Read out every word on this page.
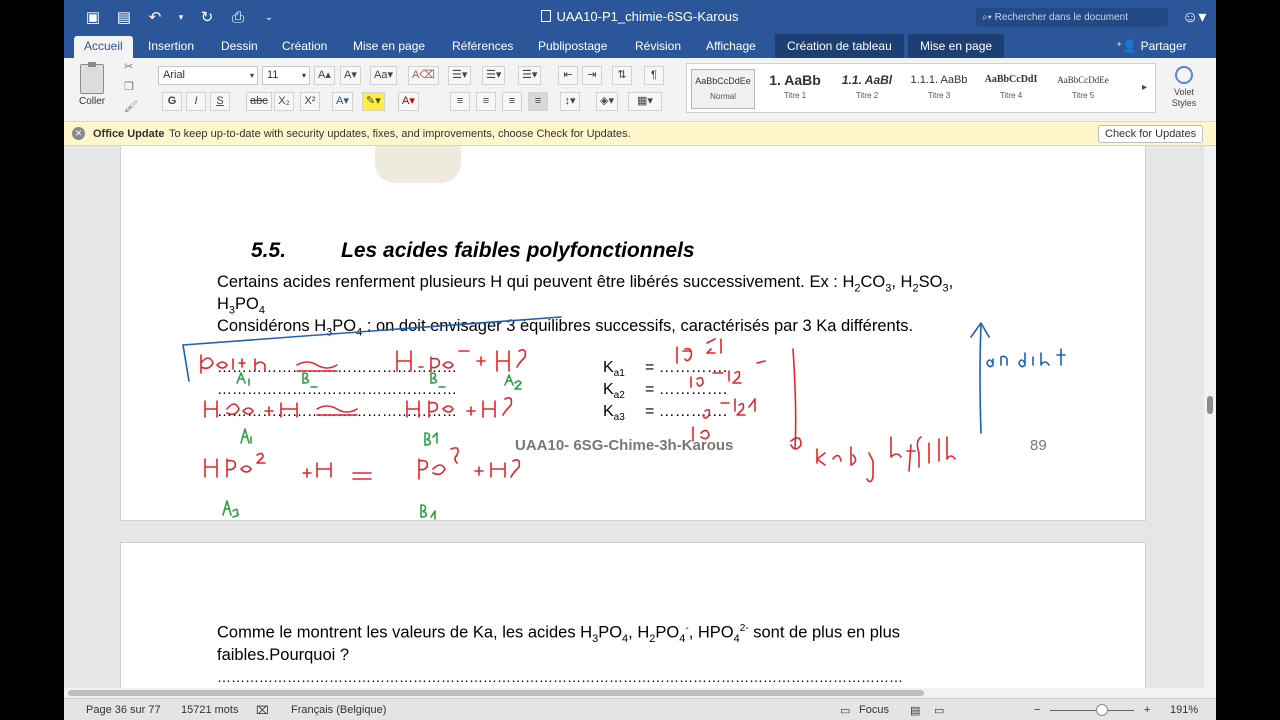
▣ ▤ ↶	▾ ↻ ⎙	⌄	UAA10-P1_chimie-6SG-Karous	⌕▾ Rechercher dans le document	☺▾
Accueil	Insertion Dessin Création Mise en page Références Publipostage Révision Affichage	Création de tableau	Mise en page	⁺👤 Partager
Coller
✂
❐
🖌
Arial	▾	11	▾	A▴	A▾	Aa▾	A⌫
G	I	S	abc X₂	X²	A▾	✎▾	A▾
☰▾	☰▾	☰▾	⇤	⇥	⇅	¶
≡	≡	≡	≡	↕▾	◈▾	▦▾
AaBbCcDdEe
Normal
1. AaBb
Titre 1
1.1. AaBl
Titre 2
1.1.1. AaBb
Titre 3
AaBbCcDdI
Titre 4
AaBbCcDdEe
Titre 5
▸	Volet
Styles
✕ Office Update To keep up-to-date with security updates, fixes, and improvements, choose Check for Updates.	Check for Updates
5.5.	Les acides faibles polyfonctionnels
Certains acides renferment plusieurs H qui peuvent être libérés successivement. Ex : $H_2CO_3$, $H_2SO_3$,
$H_3PO_4$
Considérons $H_3PO_4$ : on doit envisager 3 équilibres successifs, caractérisés par 3 Ka différents.
…………………………………………
…………………………………………
…………………………………………
$K_{a1}$
$K_{a2}$
$K_{a3}$
= ………….
= ………….
= ………….
UAA10- 6SG-Chime-3h-Karous	89
Comme le montrent les valeurs de Ka, les acides $H_3PO_4$, $H_2PO_4^-$, $HPO_4^{2-}$ sont de plus en plus
faibles.Pourquoi ?
…………………………………………………………………………………………………………………………………
Page 36 sur 77 15721 mots ⌧ Français (Belgique)	▭ Focus ▤ ▭	−	+ 191%
